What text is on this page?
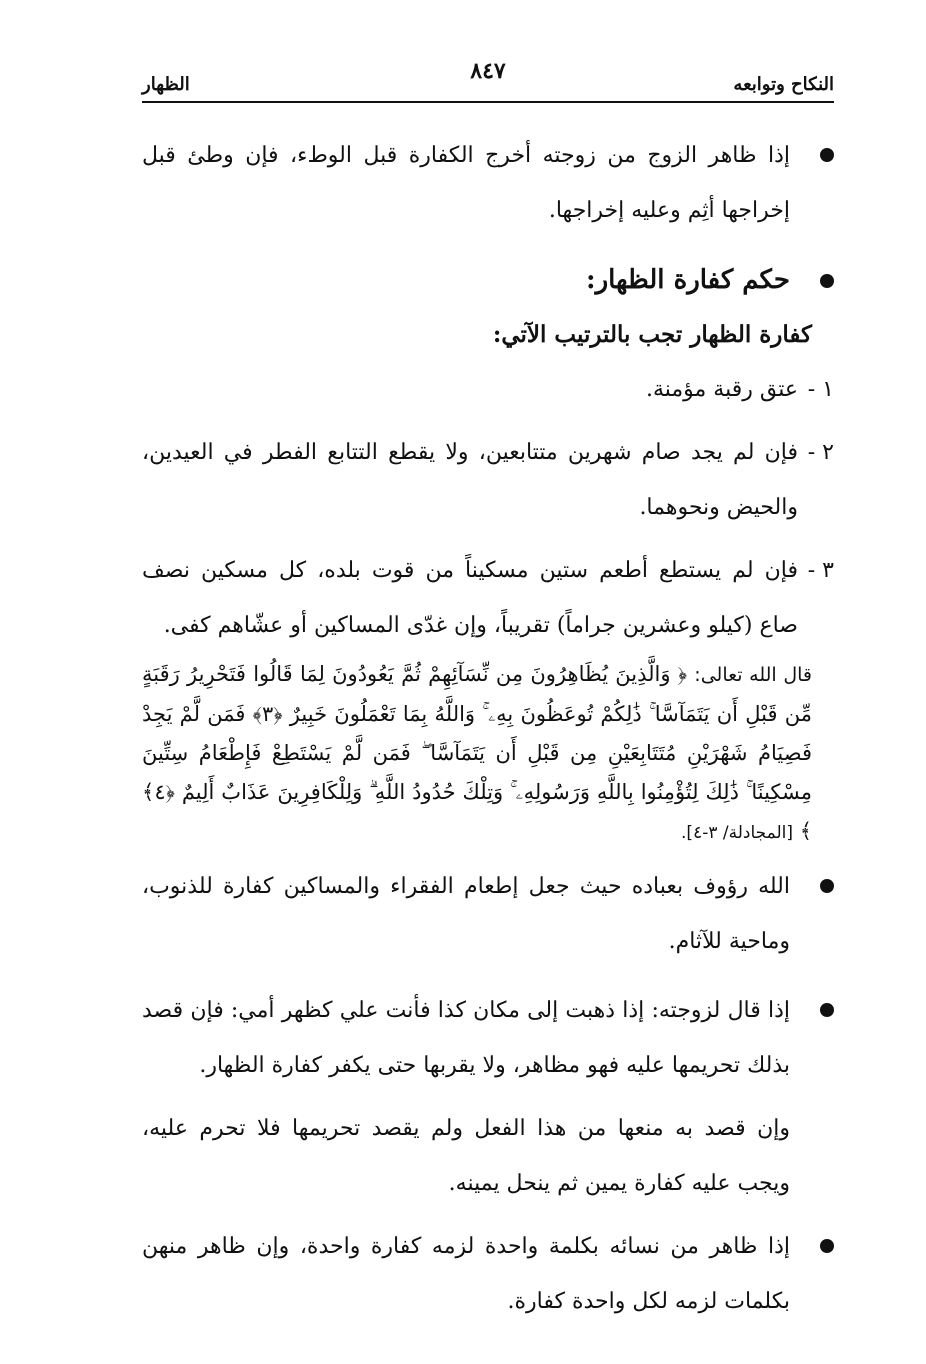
النكاح وتوابعه
٨٤٧
الظهار
إذا ظاهر الزوج من زوجته أخرج الكفارة قبل الوطء، فإن وطئ قبل إخراجها أثِم وعليه إخراجها.
حكم كفارة الظهار:
كفارة الظهار تجب بالترتيب الآتي:
١ -
عتق رقبة مؤمنة.
٢ -
فإن لم يجد صام شهرين متتابعين، ولا يقطع التتابع الفطر في العيدين، والحيض ونحوهما.
٣ -
فإن لم يستطع أطعم ستين مسكيناً من قوت بلده، كل مسكين نصف صاع (كيلو وعشرين جراماً) تقريباً، وإن غدّى المساكين أو عشّاهم كفى.
قال الله تعالى: ﴿ وَالَّذِينَ يُظَاهِرُونَ مِن نِّسَآئِهِمْ ثُمَّ يَعُودُونَ لِمَا قَالُوا فَتَحْرِيرُ رَقَبَةٍ مِّن قَبْلِ أَن يَتَمَآسَّا ۚ ذَٰلِكُمْ تُوعَظُونَ بِهِۦ ۚ وَاللَّهُ بِمَا تَعْمَلُونَ خَبِيرٌ ﴿٣﴾ فَمَن لَّمْ يَجِدْ فَصِيَامُ شَهْرَيْنِ مُتَتَابِعَيْنِ مِن قَبْلِ أَن يَتَمَآسَّا ۖ فَمَن لَّمْ يَسْتَطِعْ فَإِطْعَامُ سِتِّينَ مِسْكِينًا ۚ ذَٰلِكَ لِتُؤْمِنُوا بِاللَّهِ وَرَسُولِهِۦ ۚ وَتِلْكَ حُدُودُ اللَّهِ ۗ وَلِلْكَافِرِينَ عَذَابٌ أَلِيمٌ ﴿٤﴾ ﴾ [المجادلة/ ٣-٤].
الله رؤوف بعباده حيث جعل إطعام الفقراء والمساكين كفارة للذنوب، وماحية للآثام.
إذا قال لزوجته: إذا ذهبت إلى مكان كذا فأنت علي كظهر أمي: فإن قصد بذلك تحريمها عليه فهو مظاهر، ولا يقربها حتى يكفر كفارة الظهار.
وإن قصد به منعها من هذا الفعل ولم يقصد تحريمها فلا تحرم عليه، ويجب عليه كفارة يمين ثم ينحل يمينه.
إذا ظاهر من نسائه بكلمة واحدة لزمه كفارة واحدة، وإن ظاهر منهن بكلمات لزمه لكل واحدة كفارة.
